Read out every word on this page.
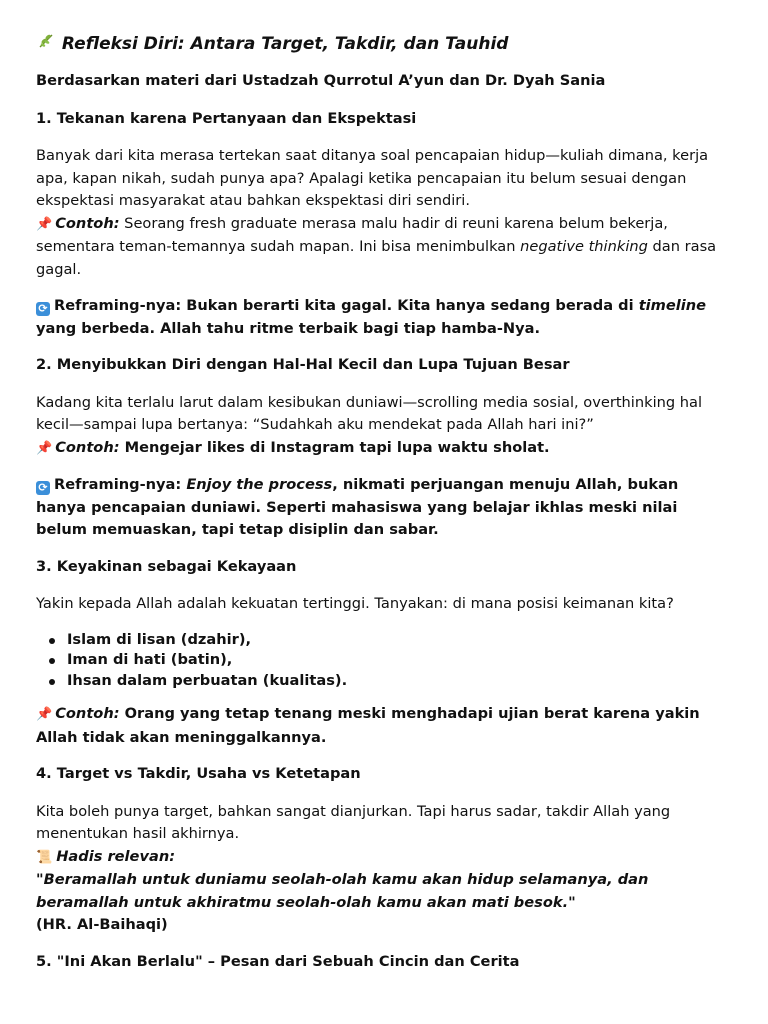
Refleksi Diri: Antara Target, Takdir, dan Tauhid

Berdasarkan materi dari Ustadzah Qurrotul A’yun dan Dr. Dyah Sania

1. Tekanan karena Pertanyaan dan Ekspektasi

Banyak dari kita merasa tertekan saat ditanya soal pencapaian hidup—kuliah dimana, kerja apa, kapan nikah, sudah punya apa? Apalagi ketika pencapaian itu belum sesuai dengan ekspektasi masyarakat atau bahkan ekspektasi diri sendiri.
📌 Contoh: Seorang fresh graduate merasa malu hadir di reuni karena belum bekerja, sementara teman-temannya sudah mapan. Ini bisa menimbulkan negative thinking dan rasa gagal.

⟳ Reframing-nya: Bukan berarti kita gagal. Kita hanya sedang berada di timeline yang berbeda. Allah tahu ritme terbaik bagi tiap hamba-Nya.

2. Menyibukkan Diri dengan Hal-Hal Kecil dan Lupa Tujuan Besar

Kadang kita terlalu larut dalam kesibukan duniawi—scrolling media sosial, overthinking hal kecil—sampai lupa bertanya: “Sudahkah aku mendekat pada Allah hari ini?”
📌 Contoh: Mengejar likes di Instagram tapi lupa waktu sholat.

⟳ Reframing-nya: Enjoy the process, nikmati perjuangan menuju Allah, bukan hanya pencapaian duniawi. Seperti mahasiswa yang belajar ikhlas meski nilai belum memuaskan, tapi tetap disiplin dan sabar.

3. Keyakinan sebagai Kekayaan

Yakin kepada Allah adalah kekuatan tertinggi. Tanyakan: di mana posisi keimanan kita?

Islam di lisan (dzahir),
Iman di hati (batin),
Ihsan dalam perbuatan (kualitas).

📌 Contoh: Orang yang tetap tenang meski menghadapi ujian berat karena yakin Allah tidak akan meninggalkannya.

4. Target vs Takdir, Usaha vs Ketetapan

Kita boleh punya target, bahkan sangat dianjurkan. Tapi harus sadar, takdir Allah yang menentukan hasil akhirnya.
📜 Hadis relevan:
"Beramallah untuk duniamu seolah-olah kamu akan hidup selamanya, dan beramallah untuk akhiratmu seolah-olah kamu akan mati besok."
(HR. Al-Baihaqi)

5. "Ini Akan Berlalu" – Pesan dari Sebuah Cincin dan Cerita
